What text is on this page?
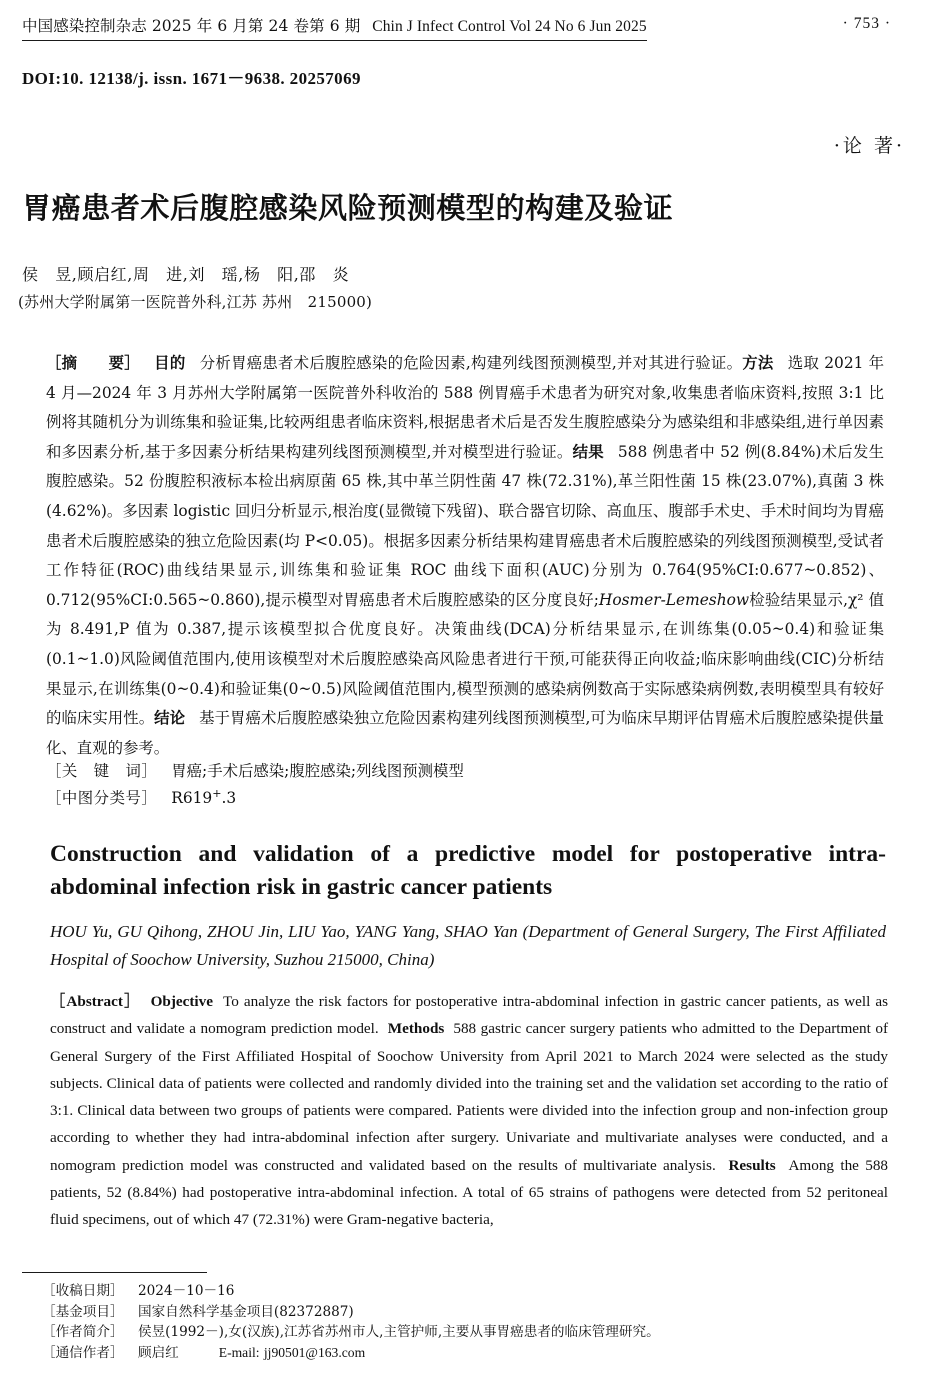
中国感染控制杂志 2025 年 6 月第 24 卷第 6 期 Chin J Infect Control Vol 24 No 6 Jun 2025	· 753 ·
DOI:10. 12138/j. issn. 1671－9638. 20257069
·论 著·
胃癌患者术后腹腔感染风险预测模型的构建及验证
侯　昱,顾启红,周　进,刘　瑶,杨　阳,邵　炎
(苏州大学附属第一医院普外科,江苏 苏州　215000)

［摘　　要］ 目的 分析胃癌患者术后腹腔感染的危险因素,构建列线图预测模型,并对其进行验证。方法 选取 2021 年 4 月—2024 年 3 月苏州大学附属第一医院普外科收治的 588 例胃癌手术患者为研究对象,收集患者临床资料,按照 3:1 比例将其随机分为训练集和验证集,比较两组患者临床资料,根据患者术后是否发生腹腔感染分为感染组和非感染组,进行单因素和多因素分析,基于多因素分析结果构建列线图预测模型,并对模型进行验证。结果 588 例患者中 52 例(8.84%)术后发生腹腔感染。52 份腹腔积液标本检出病原菌 65 株,其中革兰阴性菌 47 株(72.31%),革兰阳性菌 15 株(23.07%),真菌 3 株(4.62%)。多因素 logistic 回归分析显示,根治度(显微镜下残留)、联合器官切除、高血压、腹部手术史、手术时间均为胃癌患者术后腹腔感染的独立危险因素(均 P<0.05)。根据多因素分析结果构建胃癌患者术后腹腔感染的列线图预测模型,受试者工作特征(ROC)曲线结果显示,训练集和验证集 ROC 曲线下面积(AUC)分别为 0.764(95%CI:0.677~0.852)、0.712(95%CI:0.565~0.860),提示模型对胃癌患者术后腹腔感染的区分度良好;Hosmer-Lemeshow检验结果显示,χ² 值为 8.491,P 值为 0.387,提示该模型拟合优度良好。决策曲线(DCA)分析结果显示,在训练集(0.05~0.4)和验证集(0.1~1.0)风险阈值范围内,使用该模型对术后腹腔感染高风险患者进行干预,可能获得正向收益;临床影响曲线(CIC)分析结果显示,在训练集(0~0.4)和验证集(0~0.5)风险阈值范围内,模型预测的感染病例数高于实际感染病例数,表明模型具有较好的临床实用性。结论 基于胃癌术后腹腔感染独立危险因素构建列线图预测模型,可为临床早期评估胃癌术后腹腔感染提供量化、直观的参考。

［关　键　词］ 胃癌;手术后感染;腹腔感染;列线图预测模型
［中图分类号］ R619+.3
Construction and validation of a predictive model for postoperative intra-abdominal infection risk in gastric cancer patients
HOU Yu, GU Qihong, ZHOU Jin, LIU Yao, YANG Yang, SHAO Yan (Department of General Surgery, The First Affiliated Hospital of Soochow University, Suzhou 215000, China)

［Abstract］ Objective To analyze the risk factors for postoperative intra-abdominal infection in gastric cancer patients, as well as construct and validate a nomogram prediction model. Methods 588 gastric cancer surgery patients who admitted to the Department of General Surgery of the First Affiliated Hospital of Soochow University from April 2021 to March 2024 were selected as the study subjects. Clinical data of patients were collected and randomly divided into the training set and the validation set according to the ratio of 3:1. Clinical data between two groups of patients were compared. Patients were divided into the infection group and non-infection group according to whether they had intra-abdominal infection after surgery. Univariate and multivariate analyses were conducted, and a nomogram prediction model was constructed and validated based on the results of multivariate analysis. Results Among the 588 patients, 52 (8.84%) had postoperative intra-abdominal infection. A total of 65 strains of pathogens were detected from 52 peritoneal fluid specimens, out of which 47 (72.31%) were Gram-negative bacteria,

［收稿日期］	2024－10－16
［基金项目］	国家自然科学基金项目(82372887)
［作者简介］	侯昱(1992－),女(汉族),江苏省苏州市人,主管护师,主要从事胃癌患者的临床管理研究。
［通信作者］	顾启红	E-mail: jj90501@163.com
